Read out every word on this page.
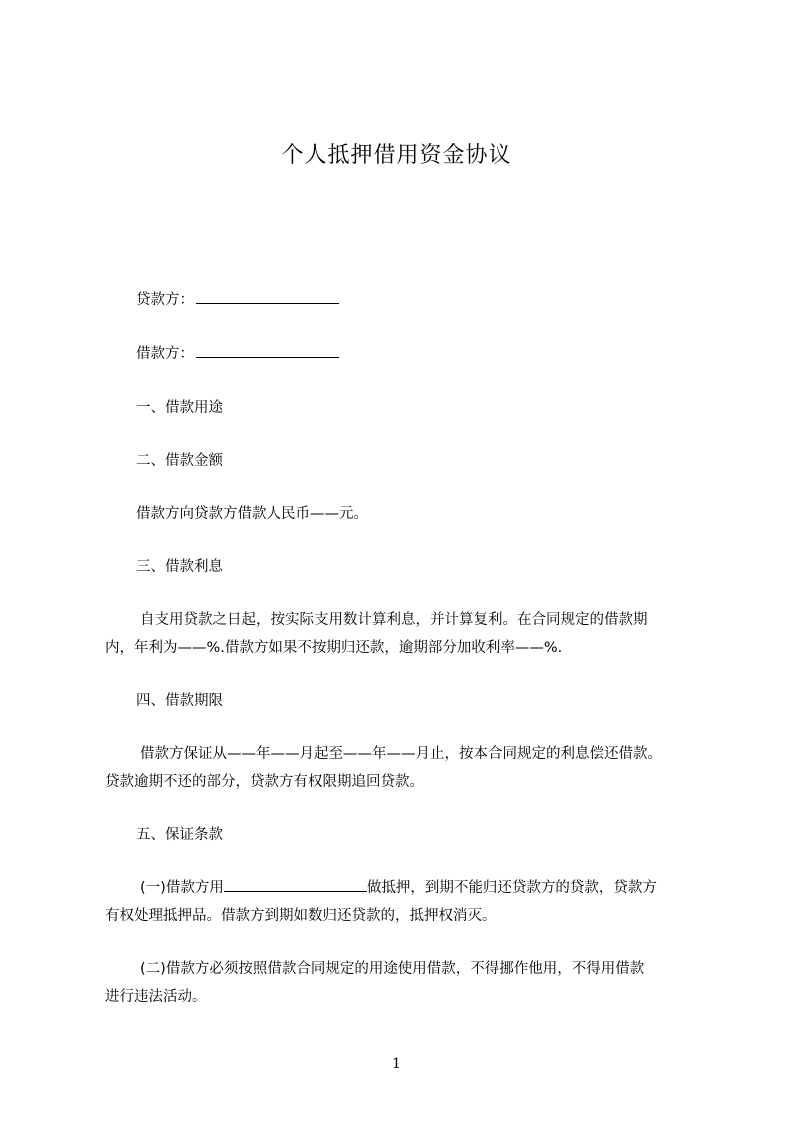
个人抵押借用资金协议

贷款方：

借款方：

一、借款用途

二、借款金额

借款方向贷款方借款人民币——元。

三、借款利息

自支用贷款之日起，按实际支用数计算利息，并计算复利。在合同规定的借款期

内，年利为——%.借款方如果不按期归还款，逾期部分加收利率——%.

四、借款期限

借款方保证从——年——月起至——年——月止，按本合同规定的利息偿还借款。

贷款逾期不还的部分，贷款方有权限期追回贷款。

五、保证条款

(一)借款方用	做抵押，到期不能归还贷款方的贷款，贷款方

有权处理抵押品。借款方到期如数归还贷款的，抵押权消灭。

(二)借款方必须按照借款合同规定的用途使用借款，不得挪作他用，不得用借款

进行违法活动。

1
